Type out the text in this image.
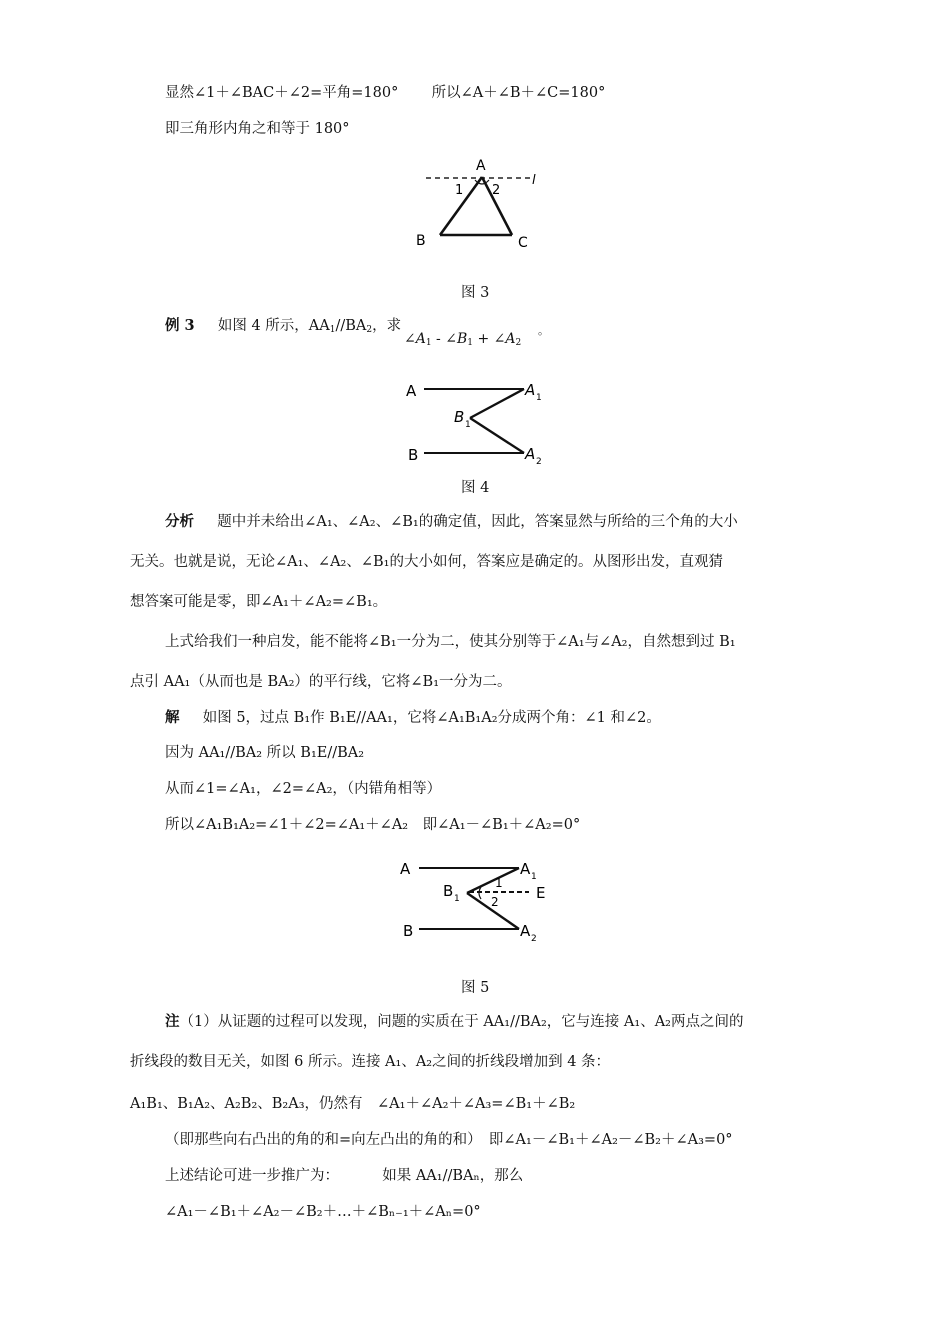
显然∠1＋∠BAC＋∠2=平角=180° 所以∠A＋∠B＋∠C=180°
即三角形内角之和等于 180°
A
1 2
l
B	C
图 3
例 3 如图 4 所示，$AA_1//BA_2$，求
$\angle A_1$ - $\angle B_1$ + $\angle A_2$
。
A
B
A 1
B 1
A 2
图 4
分析 题中并未给出∠A₁、∠A₂、∠B₁的确定值，因此，答案显然与所给的三个角的大小
无关。也就是说，无论∠A₁、∠A₂、∠B₁的大小如何，答案应是确定的。从图形出发，直观猜
想答案可能是零，即∠A₁＋∠A₂=∠B₁。
上式给我们一种启发，能不能将∠B₁一分为二，使其分别等于∠A₁与∠A₂，自然想到过 B₁
点引 AA₁（从而也是 BA₂）的平行线，它将∠B₁一分为二。
解 如图 5，过点 B₁作 B₁E//AA₁，它将∠A₁B₁A₂分成两个角：∠1 和∠2。
因为 AA₁//BA₂ 所以 B₁E//BA₂
从而∠1=∠A₁，∠2=∠A₂，（内错角相等）
所以∠A₁B₁A₂=∠1＋∠2=∠A₁＋∠A₂　即∠A₁－∠B₁＋∠A₂=0°
A
B
A 1
B 1
1
2 E
A 2
图 5
注（1）从证题的过程可以发现，问题的实质在于 AA₁//BA₂，它与连接 A₁、A₂两点之间的
折线段的数目无关，如图 6 所示。连接 A₁、A₂之间的折线段增加到 4 条：
A₁B₁、B₁A₂、A₂B₂、B₂A₃，仍然有　∠A₁＋∠A₂＋∠A₃=∠B₁＋∠B₂
（即那些向右凸出的角的和=向左凸出的角的和）　即∠A₁－∠B₁＋∠A₂－∠B₂＋∠A₃=0°
上述结论可进一步推广为：	如果 AA₁//BAₙ，那么
∠A₁－∠B₁＋∠A₂－∠B₂＋…＋∠Bₙ₋₁＋∠Aₙ=0°
